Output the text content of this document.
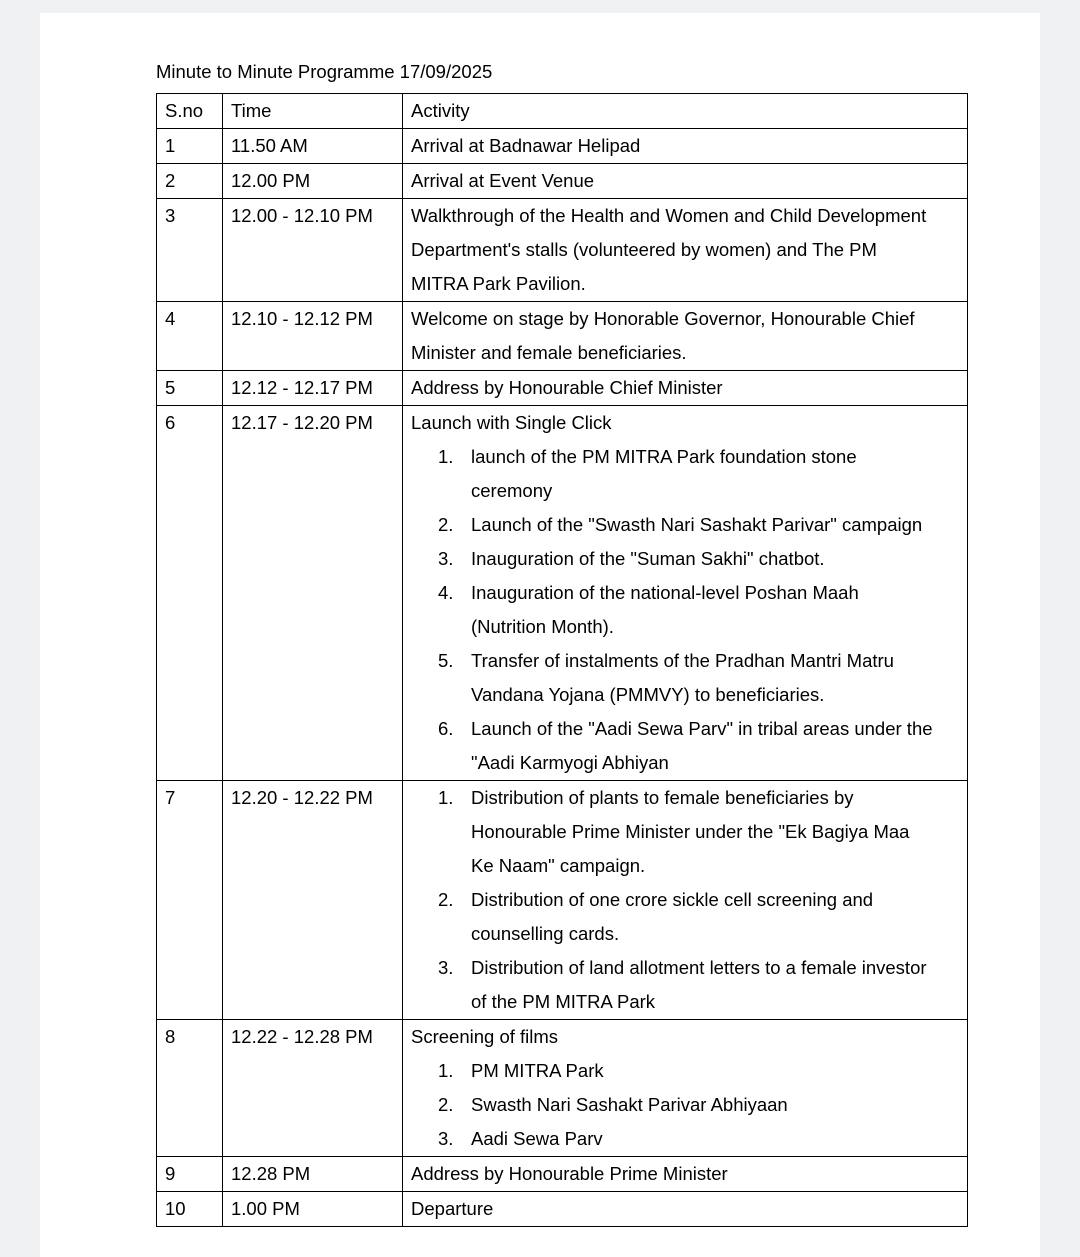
Minute to Minute Programme 17/09/2025
S.no	Time	Activity
1	11.50 AM	Arrival at Badnawar Helipad

2	12.00 PM	Arrival at Event Venue

3	12.00 - 12.10 PM	Walkthrough of the Health and Women and Child Development Department's stalls (volunteered by women) and The PM MITRA Park Pavilion.

4	12.10 - 12.12 PM	Welcome on stage by Honorable Governor, Honourable Chief Minister and female beneficiaries.

5	12.12 - 12.17 PM	Address by Honourable Chief Minister

6	12.17 - 12.20 PM	Launch with Single Click
1. launch of the PM MITRA Park foundation stone ceremony
2. Launch of the "Swasth Nari Sashakt Parivar" campaign
3. Inauguration of the "Suman Sakhi" chatbot.
4. Inauguration of the national-level Poshan Maah (Nutrition Month).
5. Transfer of instalments of the Pradhan Mantri Matru Vandana Yojana (PMMVY) to beneficiaries.
6. Launch of the "Aadi Sewa Parv" in tribal areas under the "Aadi Karmyogi Abhiyan

7	12.20 - 12.22 PM	1. Distribution of plants to female beneficiaries by Honourable Prime Minister under the "Ek Bagiya Maa Ke Naam" campaign.
2. Distribution of one crore sickle cell screening and counselling cards.
3. Distribution of land allotment letters to a female investor of the PM MITRA Park

8	12.22 - 12.28 PM	Screening of films
1. PM MITRA Park
2. Swasth Nari Sashakt Parivar Abhiyaan
3. Aadi Sewa Parv

9	12.28 PM	Address by Honourable Prime Minister

10	1.00 PM	Departure
